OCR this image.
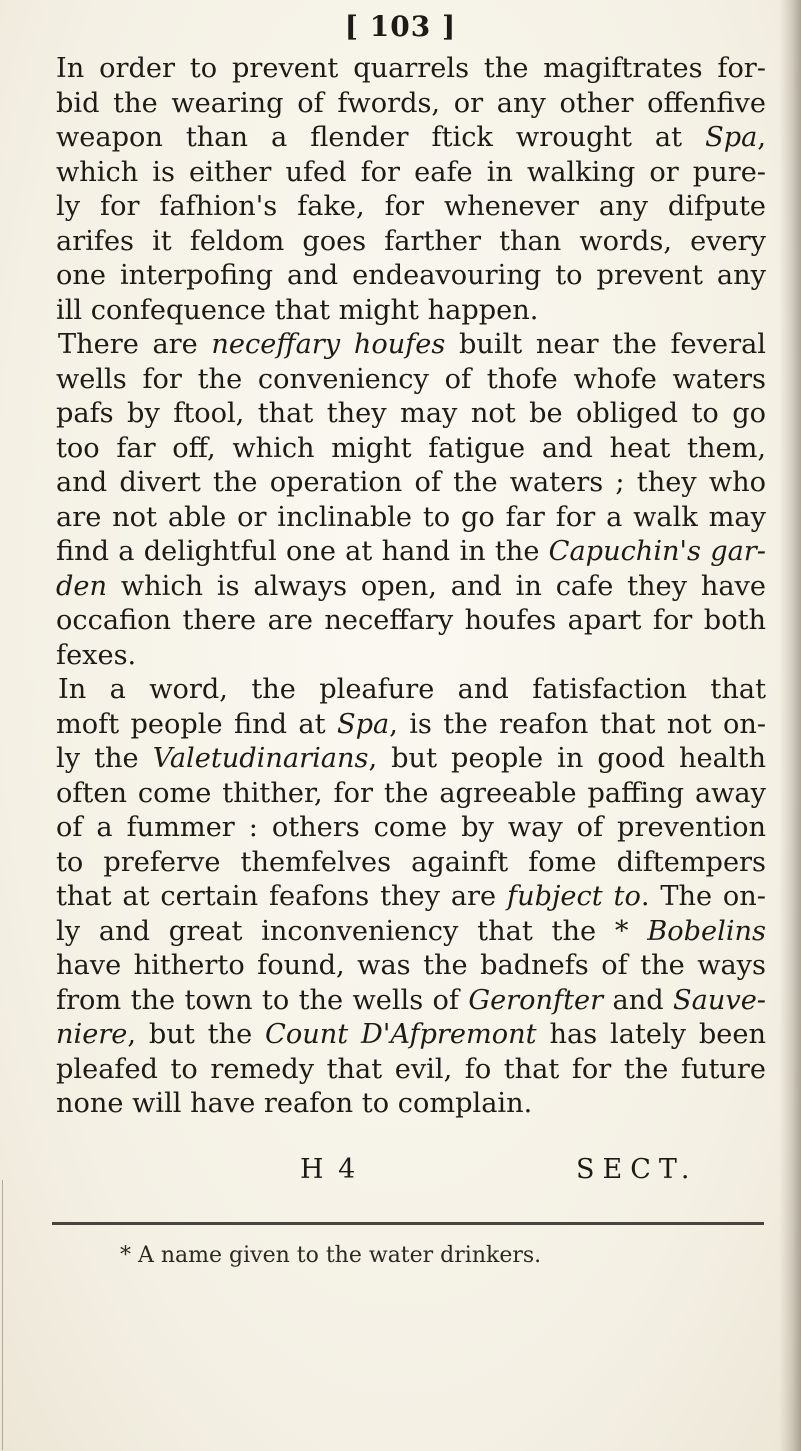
[ 103 ]
In order to prevent quarrels the magiftrates for-
bid the wearing of fwords, or any other offenfive
weapon than a flender ftick wrought at Spa,
which is either ufed for eafe in walking or pure-
ly for fafhion's fake, for whenever any difpute
arifes it feldom goes farther than words, every
one interpofing and endeavouring to prevent any
ill confequence that might happen.
There are neceffary houfes built near the feveral
wells for the conveniency of thofe whofe waters
pafs by ftool, that they may not be obliged to go
too far off, which might fatigue and heat them,
and divert the operation of the waters ; they who
are not able or inclinable to go far for a walk may
find a delightful one at hand in the Capuchin's gar-
den which is always open, and in cafe they have
occafion there are neceffary houfes apart for both
fexes.
In a word, the pleafure and fatisfaction that
moft people find at Spa, is the reafon that not on-
ly the Valetudinarians, but people in good health
often come thither, for the agreeable paffing away
of a fummer : others come by way of prevention
to preferve themfelves againft fome diftempers
that at certain feafons they are fubject to. The on-
ly and great inconveniency that the * Bobelins
have hitherto found, was the badnefs of the ways
from the town to the wells of Geronfter and Sauve-
niere, but the Count D'Afpremont has lately been
pleafed to remedy that evil, fo that for the future
none will have reafon to complain.
H 4	SECT.
* A name given to the water drinkers.
